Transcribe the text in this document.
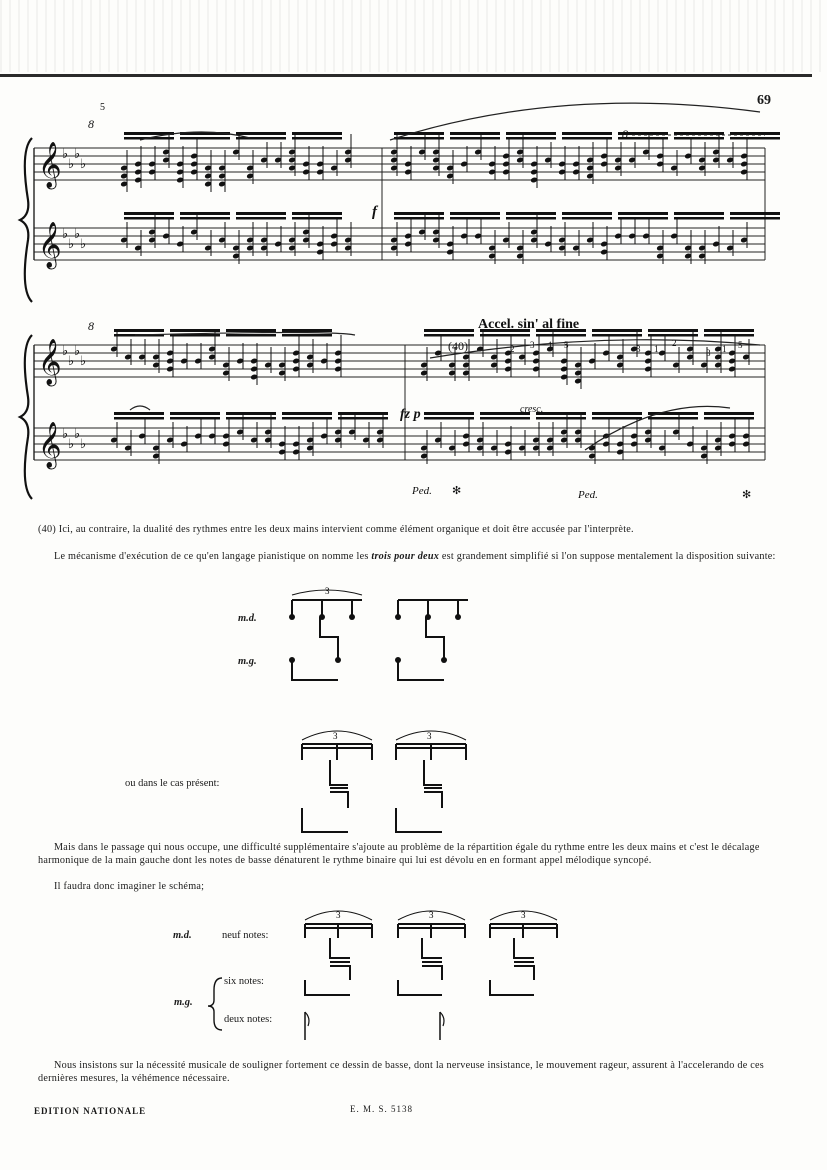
69
𝄞 ♭
♭
♭
♭
𝄞 ♭
♭
♭
♭
𝄞 ♭
♭
♭
♭
𝄞 ♭
♭
♭
♭
5
8
8
f
Accel. sin' al fine
(40)
8
fz p	cresc.
Ped. ✻	Ped.	✻
2 3 1 5	3 1
2
3 1 5
3
3	3
3	3	3
(40) Ici, au contraire, la dualité des rythmes entre les deux mains intervient comme élément organique et doit être accusée par l'interprète.
Le mécanisme d'exécution de ce qu'en langage pianistique on nomme les trois pour deux est grandement simplifié si l'on suppose mentalement la disposition suivante:
m.d.
m.g.
ou dans le cas présent:
Mais dans le passage qui nous occupe, une difficulté supplémentaire s'ajoute au problème de la répartition égale du rythme entre les deux mains et c'est le décalage harmonique de la main gauche dont les notes de basse dénaturent le rythme binaire qui lui est dévolu en en formant appel mélodique syncopé.
Il faudra donc imaginer le schéma;
m.d.	neuf notes:
six notes:
m.g.
deux notes:
Nous insistons sur la nécessité musicale de souligner fortement ce dessin de basse, dont la nerveuse insistance, le mouvement rageur, assurent à l'accelerando de ces dernières mesures, la véhémence nécessaire.
EDITION NATIONALE	E. M. S. 5138
